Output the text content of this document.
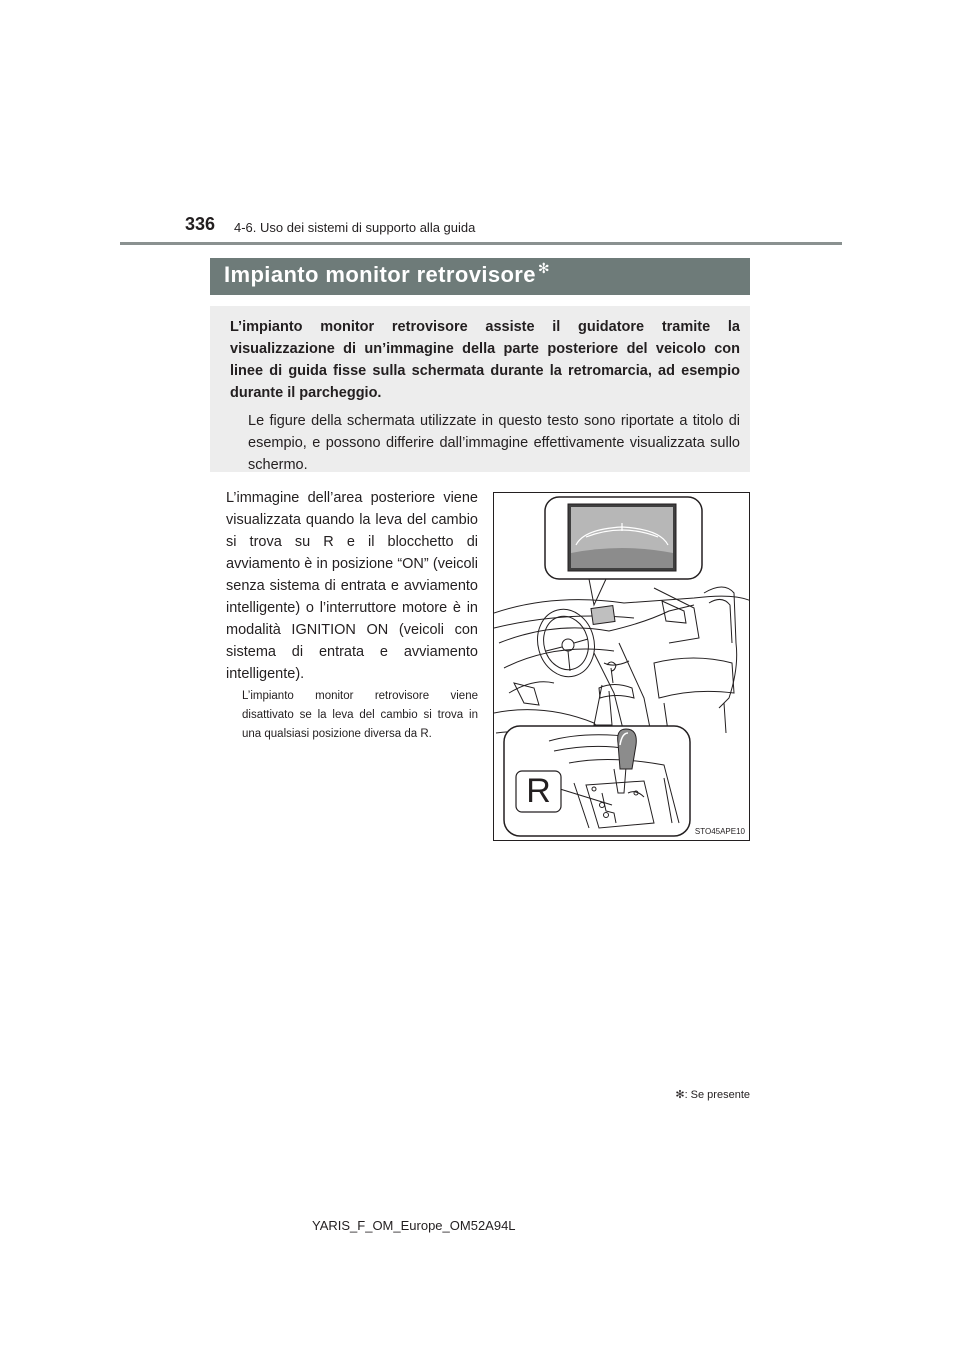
336 4-6. Uso dei sistemi di supporto alla guida
Impianto monitor retrovisore ✻
L’impianto monitor retrovisore assiste il guidatore tramite la visualizzazione di un’immagine della parte posteriore del veicolo con linee di guida fisse sulla schermata durante la retromarcia, ad esempio durante il parcheggio.
Le figure della schermata utilizzate in questo testo sono riportate a titolo di esempio, e possono differire dall’immagine effettivamente visualizzata sullo schermo.
L’immagine dell’area posteriore viene visualizzata quando la leva del cambio si trova su R e il blocchetto di avviamento è in posizione “ON” (veicoli senza sistema di entrata e avviamento intelligente) o l’interruttore motore è in modalità IGNITION ON (veicoli con sistema di entrata e avviamento intelligente).
L’impianto monitor retrovisore viene disattivato se la leva del cambio si trova in una qualsiasi posizione diversa da R.
R
STO45APE10
✻: Se presente
YARIS_F_OM_Europe_OM52A94L
